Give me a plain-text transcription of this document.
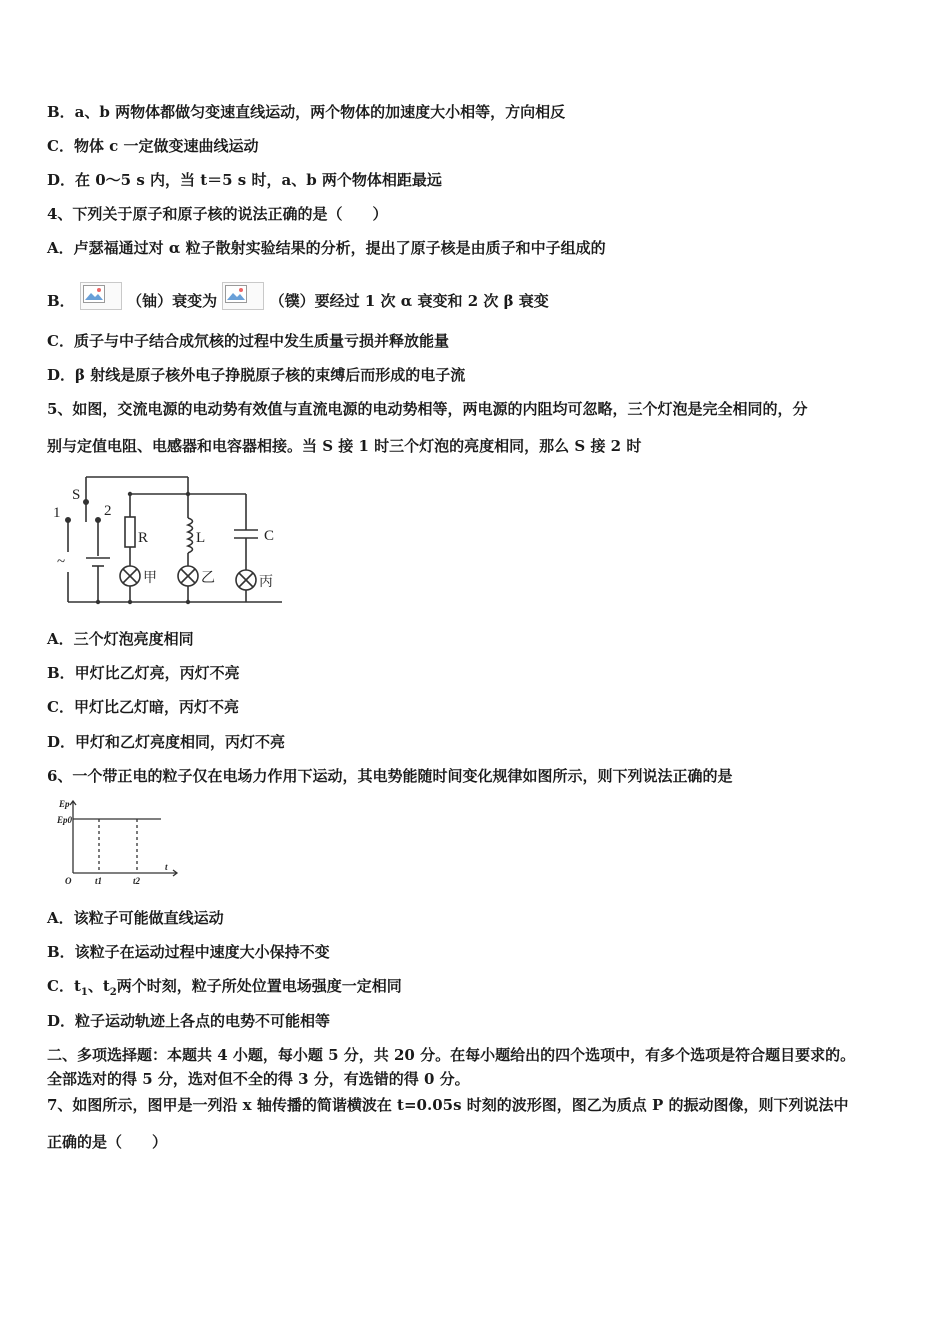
B．a、b 两物体都做匀变速直线运动，两个物体的加速度大小相等，方向相反
C．物体 c 一定做变速曲线运动
D．在 0～5 s 内，当 t＝5 s 时，a、b 两个物体相距最远
4、下列关于原子和原子核的说法正确的是（　　）
A．卢瑟福通过对 α 粒子散射实验结果的分析，提出了原子核是由质子和中子组成的
B．	（铀）衰变为	（镤）要经过 1 次 α 衰变和 2 次 β 衰变
C．质子与中子结合成氘核的过程中发生质量亏损并释放能量
D．β 射线是原子核外电子挣脱原子核的束缚后而形成的电子流
5、如图，交流电源的电动势有效值与直流电源的电动势相等，两电源的内阻均可忽略，三个灯泡是完全相同的，分
别与定值电阻、电感器和电容器相接。当 S 接 1 时三个灯泡的亮度相同，那么 S 接 2 时
S
1	2
~
R	L	C
甲	乙	丙
A．三个灯泡亮度相同
B．甲灯比乙灯亮，丙灯不亮
C．甲灯比乙灯暗，丙灯不亮
D．甲灯和乙灯亮度相同，丙灯不亮
6、一个带正电的粒子仅在电场力作用下运动，其电势能随时间变化规律如图所示，则下列说法正确的是
Ep
Ep0
O	t1	t2
t
A．该粒子可能做直线运动
B．该粒子在运动过程中速度大小保持不变
C．$t_1$、$t_2$两个时刻，粒子所处位置电场强度一定相同
D．粒子运动轨迹上各点的电势不可能相等
二、多项选择题：本题共 4 小题，每小题 5 分，共 20 分。在每小题给出的四个选项中，有多个选项是符合题目要求的。
全部选对的得 5 分，选对但不全的得 3 分，有选错的得 0 分。
7、如图所示，图甲是一列沿 x 轴传播的简谐横波在 t=0.05s 时刻的波形图，图乙为质点 P 的振动图像，则下列说法中
正确的是（　　）
